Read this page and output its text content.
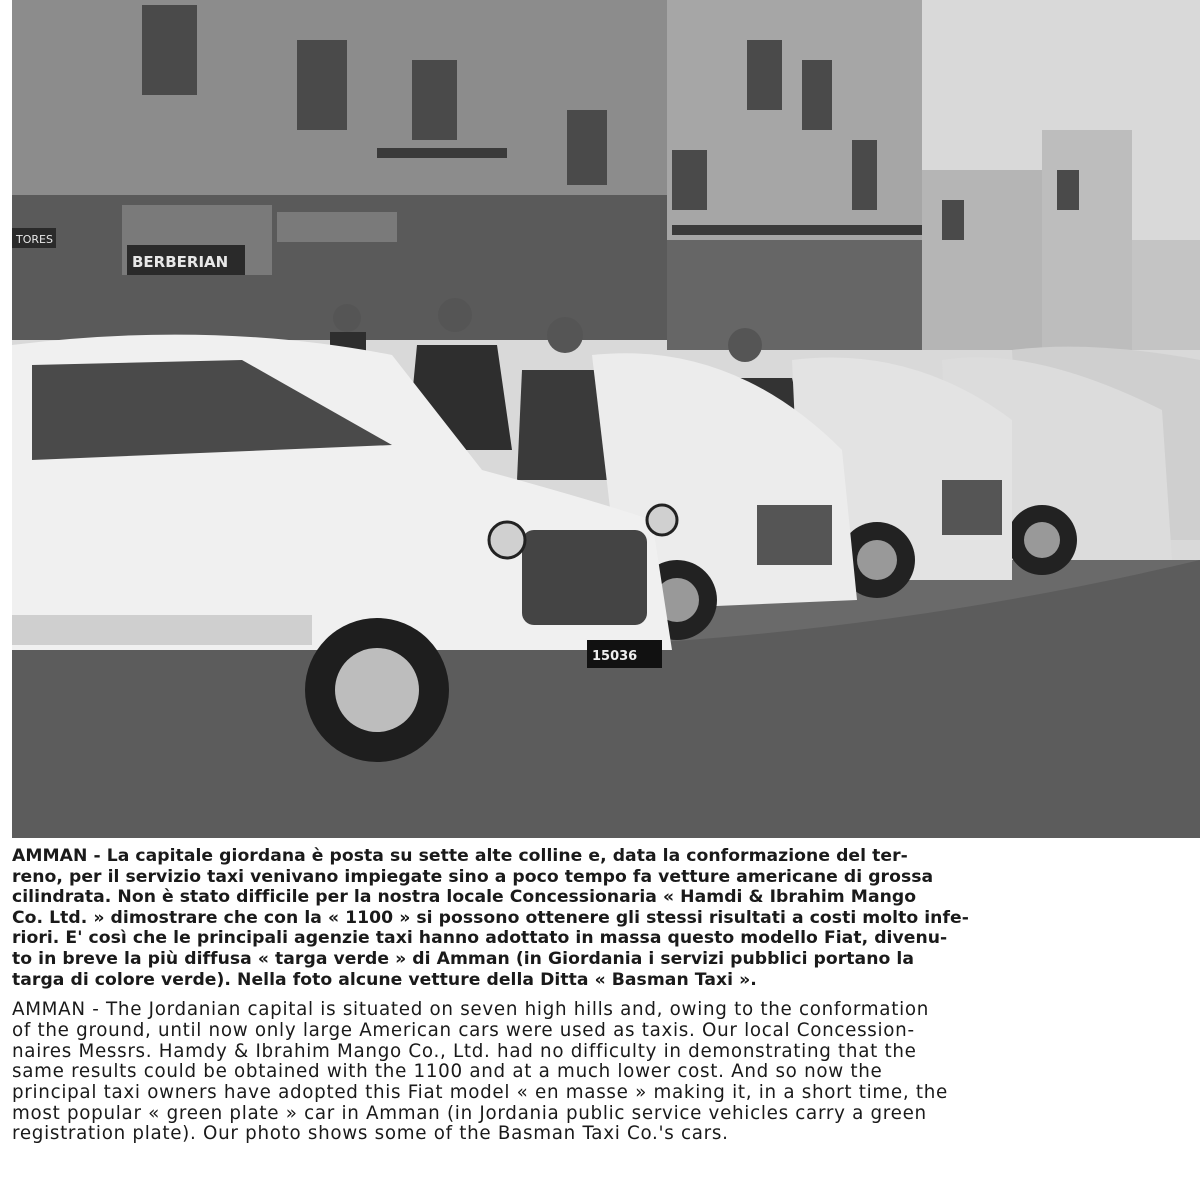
TORES
BERBERIAN
15036

AMMAN - La capitale giordana è posta su sette alte colline e, data la conformazione del ter-
reno, per il servizio taxi venivano impiegate sino a poco tempo fa vetture americane di grossa
cilindrata. Non è stato difficile per la nostra locale Concessionaria « Hamdi & Ibrahim Mango
Co. Ltd. » dimostrare che con la « 1100 » si possono ottenere gli stessi risultati a costi molto infe-
riori. E' così che le principali agenzie taxi hanno adottato in massa questo modello Fiat, divenu-
to in breve la più diffusa « targa verde » di Amman (in Giordania i servizi pubblici portano la
targa di colore verde). Nella foto alcune vetture della Ditta « Basman Taxi ».

AMMAN - The Jordanian capital is situated on seven high hills and, owing to the conformation
of the ground, until now only large American cars were used as taxis. Our local Concession-
naires Messrs. Hamdy & Ibrahim Mango Co., Ltd. had no difficulty in demonstrating that the
same results could be obtained with the 1100 and at a much lower cost. And so now the
principal taxi owners have adopted this Fiat model « en masse » making it, in a short time, the
most popular « green plate » car in Amman (in Jordania public service vehicles carry a green
registration plate). Our photo shows some of the Basman Taxi Co.'s cars.
